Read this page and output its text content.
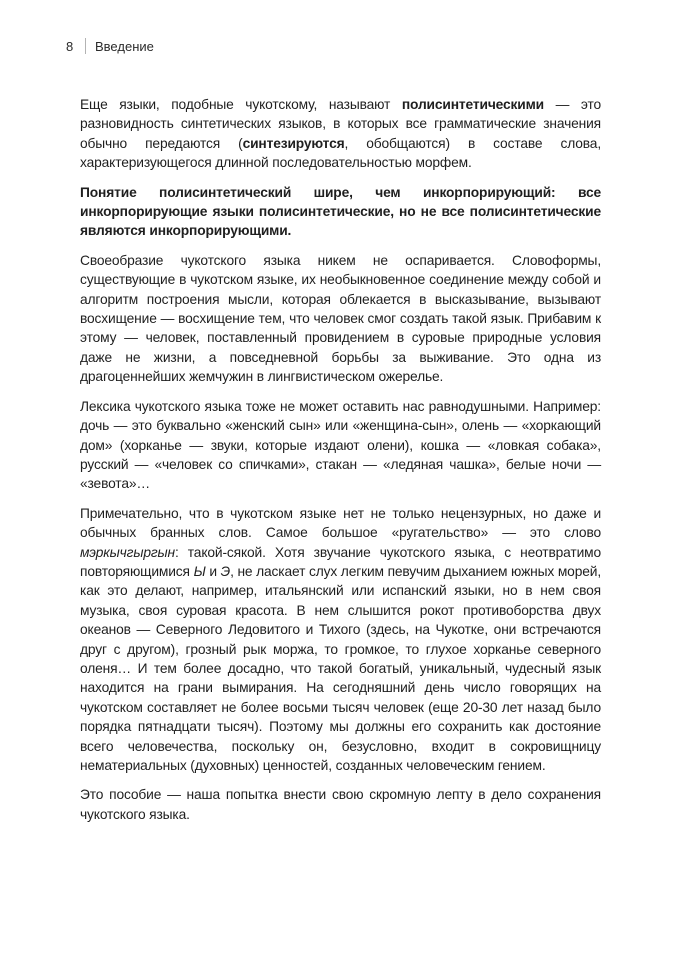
8 Введение

Еще языки, подобные чукотскому, называют полисинтетическими — это разновидность синтетических языков, в которых все грамматические значения обычно передаются (синтезируются, обобщаются) в составе слова, характеризующегося длинной последовательностью морфем.

Понятие полисинтетический шире, чем инкорпорирующий: все инкорпорирующие языки полисинтетические, но не все полисинтетические являются инкорпорирующими.

Своеобразие чукотского языка никем не оспаривается. Словоформы, существующие в чукотском языке, их необыкновенное соединение между собой и алгоритм построения мысли, которая облекается в высказывание, вызывают восхищение — восхищение тем, что человек смог создать такой язык. Прибавим к этому — человек, поставленный провидением в суровые природные условия даже не жизни, а повседневной борьбы за выживание. Это одна из драгоценнейших жемчужин в лингвистическом ожерелье.

Лексика чукотского языка тоже не может оставить нас равнодушными. Например: дочь — это буквально «женский сын» или «женщина-сын», олень — «хоркающий дом» (хорканье — звуки, которые издают олени), кошка — «ловкая собака», русский — «человек со спичками», стакан — «ледяная чашка», белые ночи — «зевота»…

Примечательно, что в чукотском языке нет не только нецензурных, но даже и обычных бранных слов. Самое большое «ругательство» — это слово мэркычгыргын: такой-сякой. Хотя звучание чукотского языка, с неотвратимо повторяющимися Ы и Э, не ласкает слух легким певучим дыханием южных морей, как это делают, например, итальянский или испанский языки, но в нем своя музыка, своя суровая красота. В нем слышится рокот противоборства двух океанов — Северного Ледовитого и Тихого (здесь, на Чукотке, они встречаются друг с другом), грозный рык моржа, то громкое, то глухое хорканье северного оленя… И тем более досадно, что такой богатый, уникальный, чудесный язык находится на грани вымирания. На сегодняшний день число говорящих на чукотском составляет не более восьми тысяч человек (еще 20-30 лет назад было порядка пятнадцати тысяч). Поэтому мы должны его сохранить как достояние всего человечества, поскольку он, безусловно, входит в сокровищницу нематериальных (духовных) ценностей, созданных человеческим гением.

Это пособие — наша попытка внести свою скромную лепту в дело сохранения чукотского языка.
